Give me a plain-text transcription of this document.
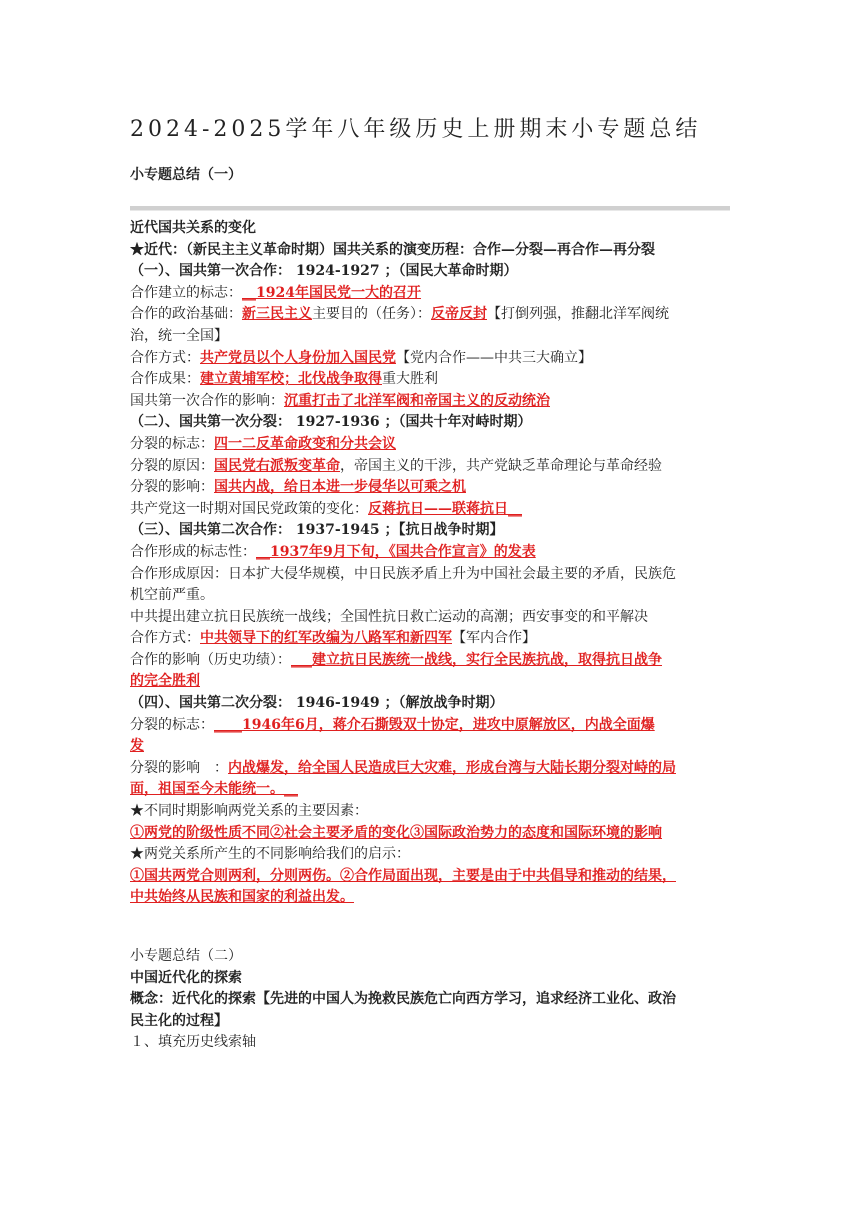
2024-2025学年八年级历史上册期末小专题总结
小专题总结（一）
近代国共关系的变化
★近代：（新民主主义革命时期）国共关系的演变历程：合作—分裂—再合作—再分裂
（一）、国共第一次合作： 1924-1927 ；（国民大革命时期）
合作建立的标志：__1924年国民党一大的召开
合作的政治基础：新三民主义主要目的（任务）：反帝反封【打倒列强，推翻北洋军阀统
治，统一全国】
合作方式：共产党员以个人身份加入国民党【党内合作——中共三大确立】
合作成果：建立黄埔军校；北伐战争取得重大胜利
国共第一次合作的影响：沉重打击了北洋军阀和帝国主义的反动统治
（二）、国共第一次分裂： 1927-1936 ；（国共十年对峙时期）
分裂的标志：四一二反革命政变和分共会议
分裂的原因：国民党右派叛变革命，帝国主义的干涉，共产党缺乏革命理论与革命经验
分裂的影响：国共内战，给日本进一步侵华以可乘之机
共产党这一时期对国民党政策的变化：反蒋抗日——联蒋抗日__
（三）、国共第二次合作： 1937-1945 ；【抗日战争时期】
合作形成的标志性：__1937年9月下旬，《国共合作宣言》的发表
合作形成原因：日本扩大侵华规模，中日民族矛盾上升为中国社会最主要的矛盾，民族危
机空前严重。
中共提出建立抗日民族统一战线；全国性抗日救亡运动的高潮；西安事变的和平解决
合作方式：中共领导下的红军改编为八路军和新四军【军内合作】
合作的影响（历史功绩）：___建立抗日民族统一战线，实行全民族抗战，取得抗日战争
的完全胜利
（四）、国共第二次分裂： 1946-1949 ；（解放战争时期）
分裂的标志：____1946年6月，蒋介石撕毁双十协定，进攻中原解放区，内战全面爆
发
分裂的影响　：内战爆发，给全国人民造成巨大灾难，形成台湾与大陆长期分裂对峙的局
面，祖国至今未能统一。__
★不同时期影响两党关系的主要因素：
①两党的阶级性质不同②社会主要矛盾的变化③国际政治势力的态度和国际环境的影响
★两党关系所产生的不同影响给我们的启示：
①国共两党合则两利，分则两伤。②合作局面出现，主要是由于中共倡导和推动的结果，
中共始终从民族和国家的利益出发。
小专题总结（二）
中国近代化的探索
概念：近代化的探索【先进的中国人为挽救民族危亡向西方学习，追求经济工业化、政治
民主化的过程】
１、填充历史线索轴
